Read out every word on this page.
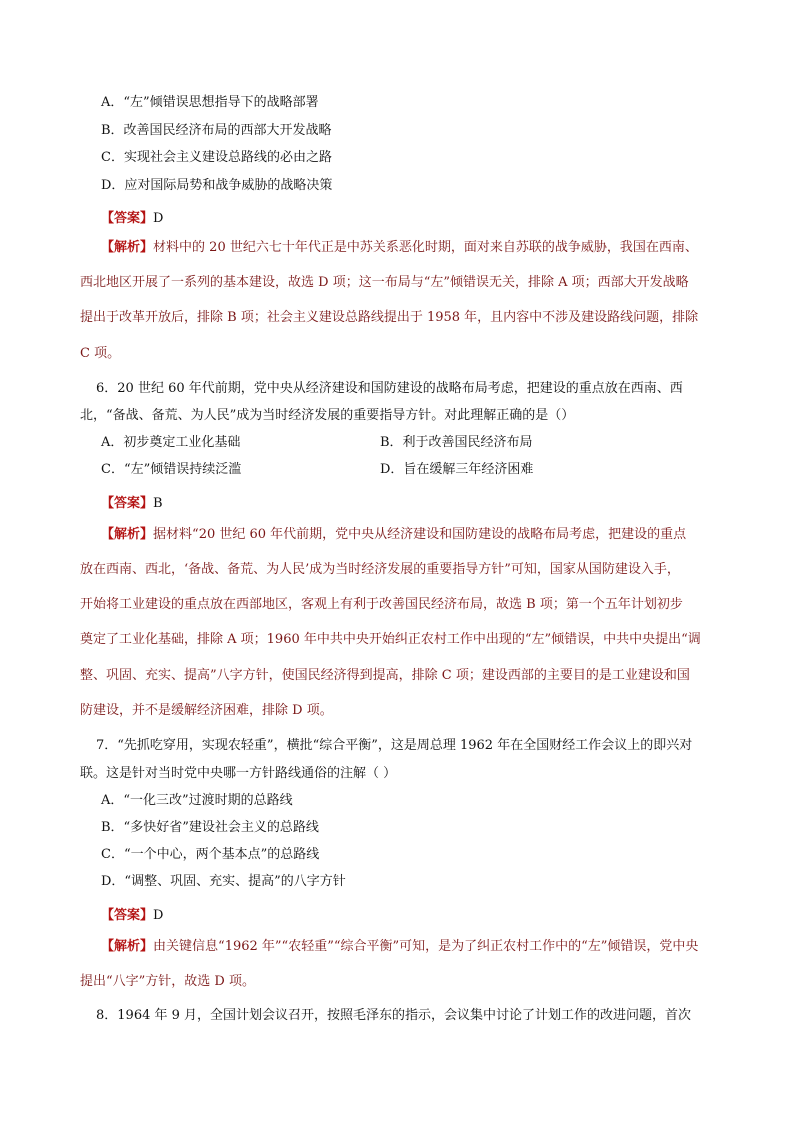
A．“左”倾错误思想指导下的战略部署
B．改善国民经济布局的西部大开发战略
C．实现社会主义建设总路线的必由之路
D．应对国际局势和战争威胁的战略决策
【答案】D
【解析】材料中的 20 世纪六七十年代正是中苏关系恶化时期，面对来自苏联的战争威胁，我国在西南、
西北地区开展了一系列的基本建设，故选 D 项；这一布局与“左”倾错误无关，排除 A 项；西部大开发战略
提出于改革开放后，排除 B 项；社会主义建设总路线提出于 1958 年，且内容中不涉及建设路线问题，排除
C 项。
6．20 世纪 60 年代前期，党中央从经济建设和国防建设的战略布局考虑，把建设的重点放在西南、西
北，“备战、备荒、为人民”成为当时经济发展的重要指导方针。对此理解正确的是（）
A．初步奠定工业化基础	B．利于改善国民经济布局
C．“左”倾错误持续泛滥	D．旨在缓解三年经济困难
【答案】B
【解析】据材料“20 世纪 60 年代前期，党中央从经济建设和国防建设的战略布局考虑，把建设的重点
放在西南、西北，‘备战、备荒、为人民’成为当时经济发展的重要指导方针”可知，国家从国防建设入手，
开始将工业建设的重点放在西部地区，客观上有利于改善国民经济布局，故选 B 项；第一个五年计划初步
奠定了工业化基础，排除 A 项；1960 年中共中央开始纠正农村工作中出现的“左”倾错误，中共中央提出“调
整、巩固、充实、提高”八字方针，使国民经济得到提高，排除 C 项；建设西部的主要目的是工业建设和国
防建设，并不是缓解经济困难，排除 D 项。
7．“先抓吃穿用，实现农轻重”，横批“综合平衡”，这是周总理 1962 年在全国财经工作会议上的即兴对
联。这是针对当时党中央哪一方针路线通俗的注解（ ）
A．“一化三改”过渡时期的总路线
B．“多快好省”建设社会主义的总路线
C．“一个中心，两个基本点”的总路线
D．“调整、巩固、充实、提高”的八字方针
【答案】D
【解析】由关键信息“1962 年”“农轻重”“综合平衡”可知，是为了纠正农村工作中的“左”倾错误，党中央
提出“八字”方针，故选 D 项。
8．1964 年 9 月，全国计划会议召开，按照毛泽东的指示，会议集中讨论了计划工作的改进问题，首次
